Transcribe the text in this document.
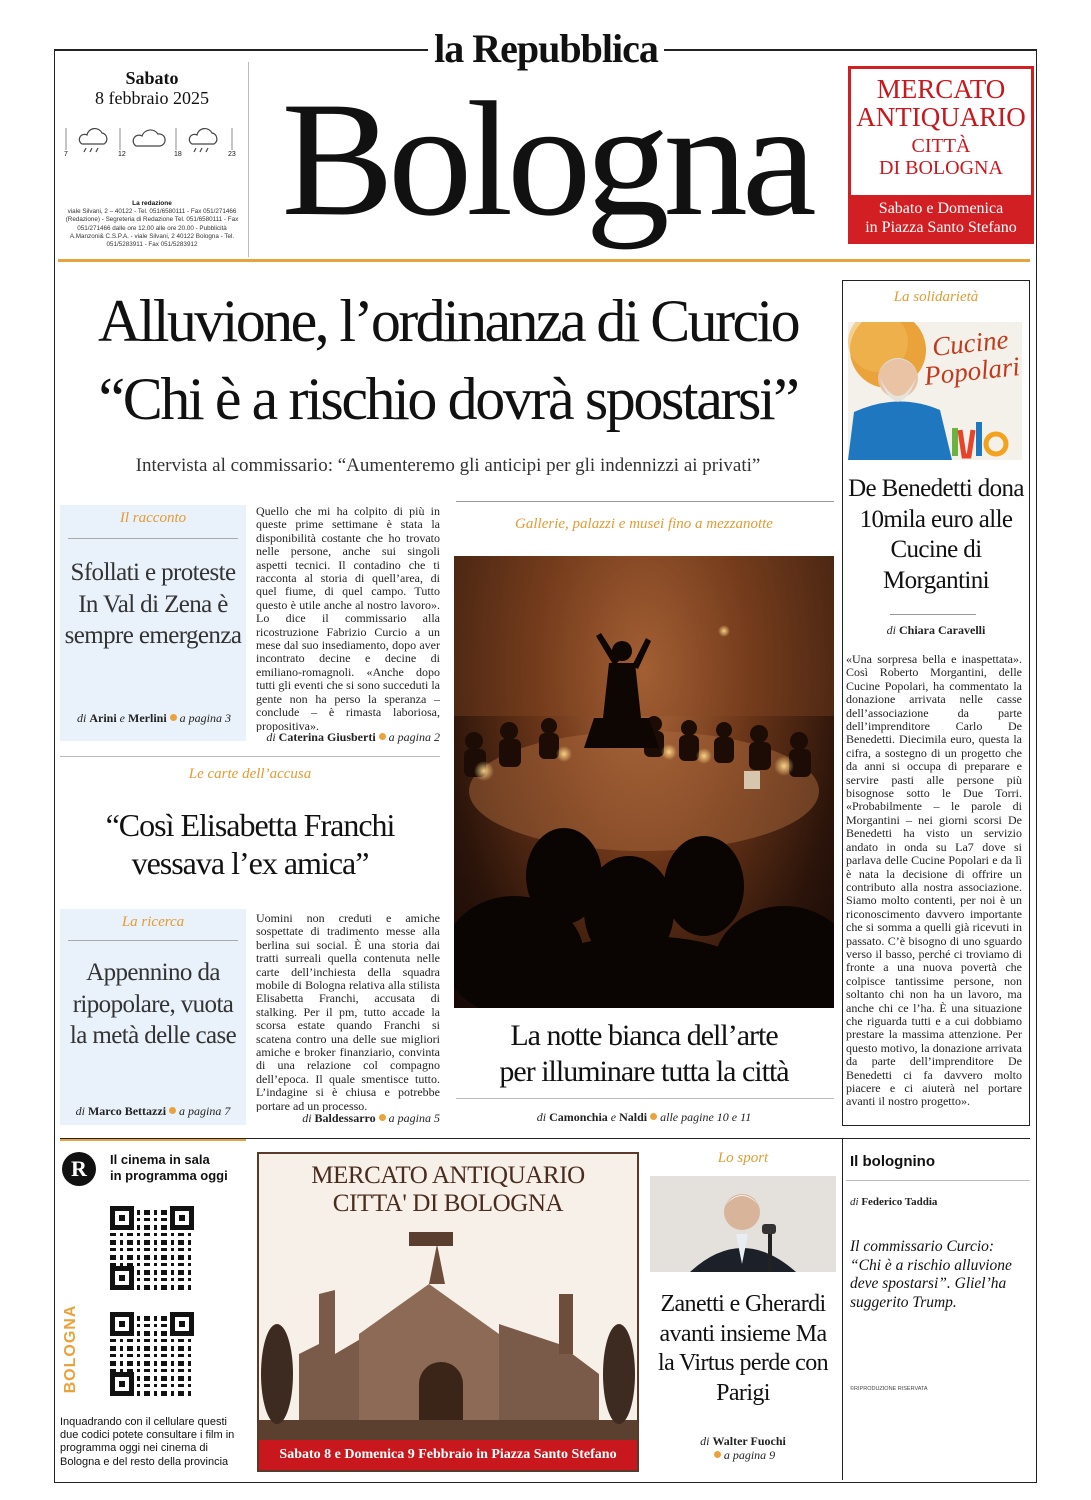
la Repubblica
Sabato
8 febbraio 2025
7	12	18	23
La redazione
viale Silvani, 2 – 40122 - Tel. 051/6580111 - Fax 051/271466 (Redazione) - Segreteria di Redazione Tel. 051/6580111 - Fax 051/271466 dalle ore 12.00 alle ore 20.00 - Pubblicità A.Manzoni& C.S.P.A. - viale Silvani, 2 40122 Bologna - Tel. 051/5283911 - Fax 051/5283912 Bologna	MERCATO
ANTIQUARIO
CITTÀ
DI BOLOGNA
Sabato e Domenica
in Piazza Santo Stefano
Alluvione, l’ordinanza di Curcio
“Chi è a rischio dovrà spostarsi”
Intervista al commissario: “Aumenteremo gli anticipi per gli indennizzi ai privati”
Il racconto
Sfollati e proteste In Val di Zena è sempre emergenza
di Arini e Merlini a pagina 3
Quello che mi ha colpito di più in queste prime settimane è stata la disponibilità costante che ho trovato nelle persone, anche sui singoli aspetti tecnici. Il contadino che ti racconta al storia di quell’area, di quel fiume, di quel campo. Tutto questo è utile anche al nostro lavoro». Lo dice il commissario alla ricostruzione Fabrizio Curcio a un mese dal suo insediamento, dopo aver incontrato decine e decine di emiliano-romagnoli. «Anche dopo tutti gli eventi che si sono succeduti la gente non ha perso la speranza – conclude – è rimasta laboriosa, propositiva».
di Caterina Giusberti a pagina 2
Le carte dell’accusa
“Così Elisabetta Franchi
vessava l’ex amica”
La ricerca
Appennino da ripopolare, vuota la metà delle case
di Marco Bettazzi a pagina 7
Uomini non creduti e amiche sospettate di tradimento messe alla berlina sui social. È una storia dai tratti surreali quella contenuta nelle carte dell’inchiesta della squadra mobile di Bologna relativa alla stilista Elisabetta Franchi, accusata di stalking. Per il pm, tutto accade la scorsa estate quando Franchi si scatena contro una delle sue migliori amiche e broker finanziario, convinta di una relazione col compagno dell’epoca. Il quale smentisce tutto. L’indagine si è chiusa e potrebbe portare ad un processo.
di Baldessarro a pagina 5
Gallerie, palazzi e musei fino a mezzanotte
La notte bianca dell’arte
per illuminare tutta la città
di Camonchia e Naldi alle pagine 10 e 11
La solidarietà
Cucine
Popolari
De Benedetti dona 10mila euro alle Cucine di Morgantini
di Chiara Caravelli
«Una sorpresa bella e inaspettata». Così Roberto Morgantini, delle Cucine Popolari, ha commentato la donazione arrivata nelle casse dell’associazione da parte dell’imprenditore Carlo De Benedetti. Diecimila euro, questa la cifra, a sostegno di un progetto che da anni si occupa di preparare e servire pasti alle persone più bisognose sotto le Due Torri. «Probabilmente – le parole di Morgantini – nei giorni scorsi De Benedetti ha visto un servizio andato in onda su La7 dove si parlava delle Cucine Popolari e da lì è nata la decisione di offrire un contributo alla nostra associazione. Siamo molto contenti, per noi è un riconoscimento davvero importante che si somma a quelli già ricevuti in passato. C’è bisogno di uno sguardo verso il basso, perché ci troviamo di fronte a una nuova povertà che colpisce tantissime persone, non soltanto chi non ha un lavoro, ma anche chi ce l’ha. È una situazione che riguarda tutti e a cui dobbiamo prestare la massima attenzione. Per questo motivo, la donazione arrivata da parte dell’imprenditore De Benedetti ci fa davvero molto piacere e ci aiuterà nel portare avanti il nostro progetto».
R	Il cinema in sala
in programma oggi
BOLOGNA
Inquadrando con il cellulare questi due codici potete consultare i film in programma oggi nei cinema di Bologna e del resto della provincia
MERCATO ANTIQUARIO
CITTA' DI BOLOGNA
Sabato 8 e Domenica 9 Febbraio in Piazza Santo Stefano
Lo sport
Zanetti e Gherardi avanti insieme Ma la Virtus perde con Parigi
di Walter Fuochi
a pagina 9
Il bolognino
di Federico Taddia
Il commissario Curcio: “Chi è a rischio alluvione deve spostarsi”. Gliel’ha suggerito Trump.
©RIPRODUZIONE RISERVATA
